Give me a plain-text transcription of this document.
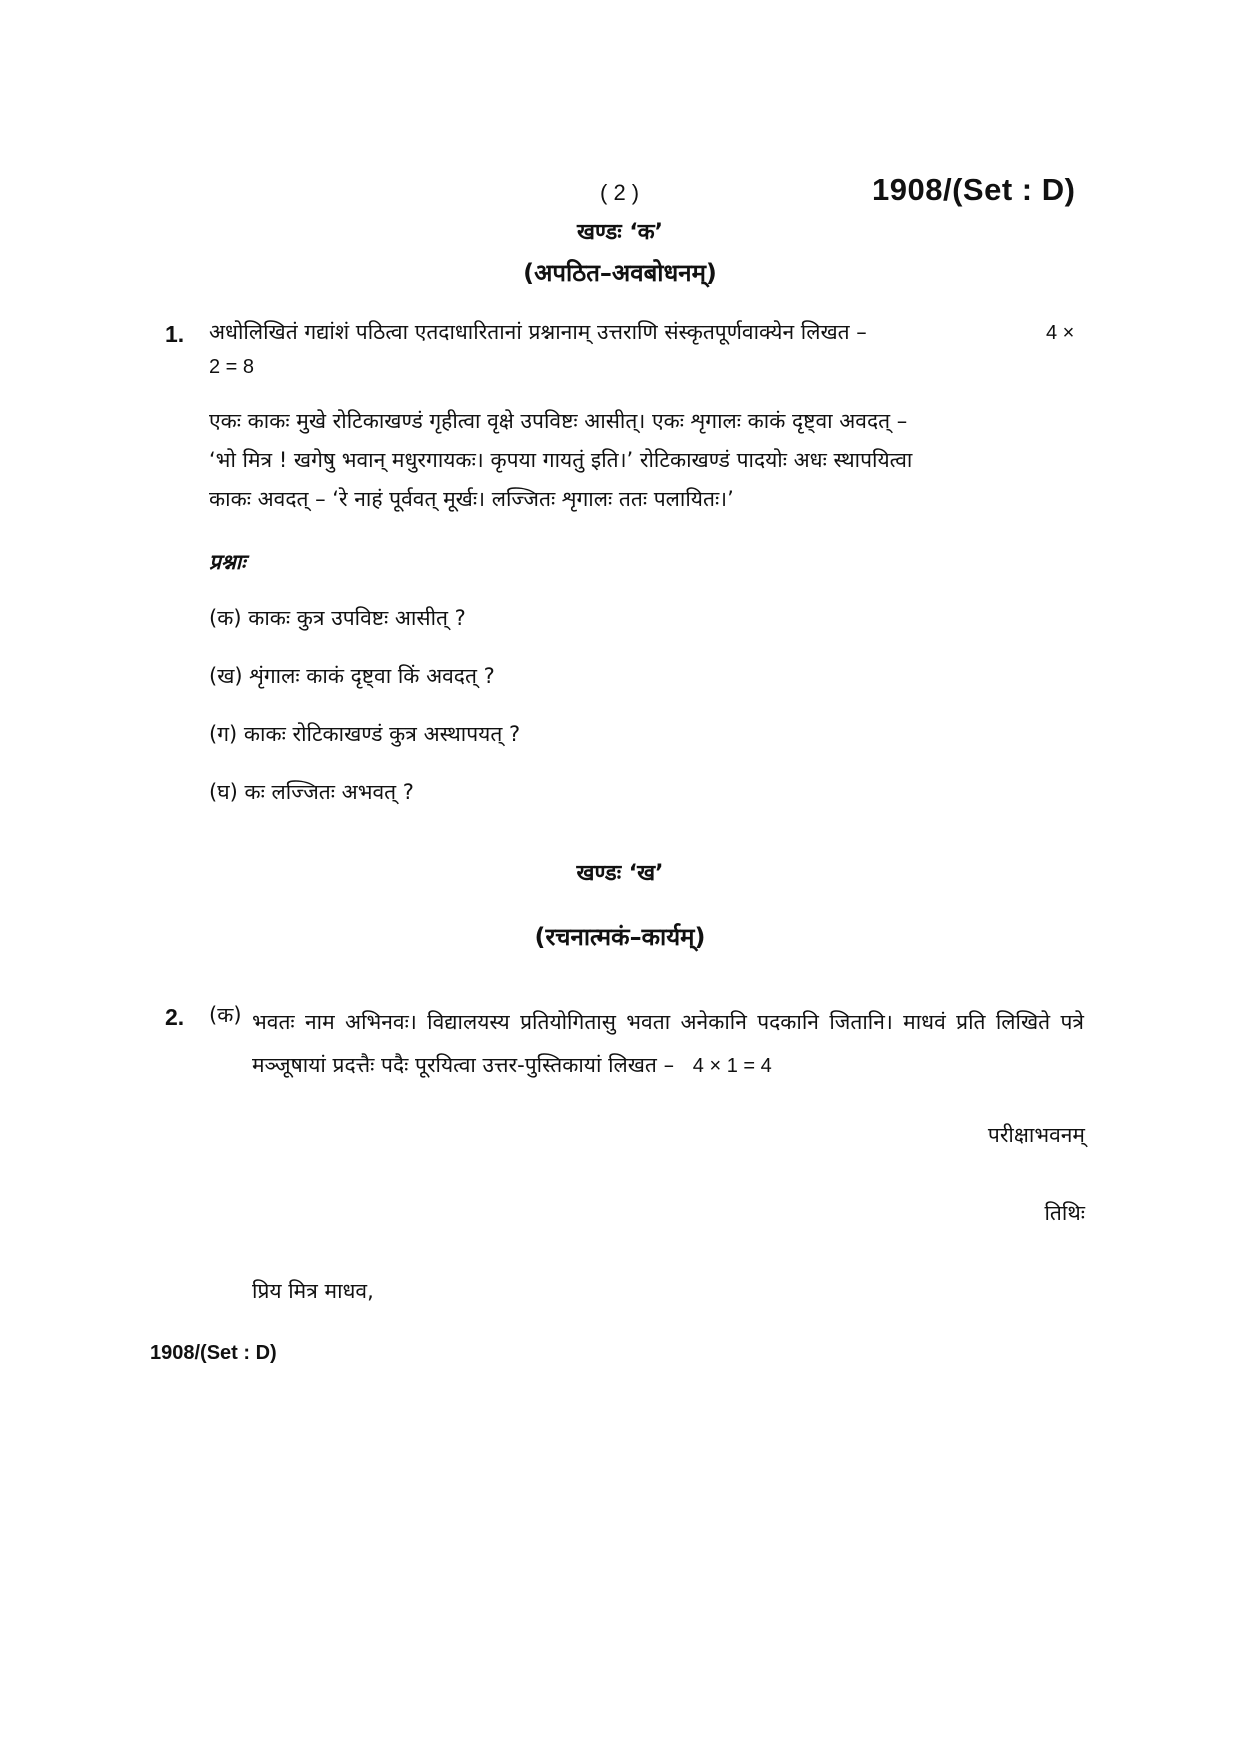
( 2 )	1908/(Set : D)
खण्डः ‘क’
(अपठित–अवबोधनम्)
1. अधोलिखितं गद्यांशं पठित्वा एतदाधारितानां प्रश्नानाम् उत्तराणि संस्कृतपूर्णवाक्येन लिखत –	4 ×
2 = 8

एकः काकः मुखे रोटिकाखण्डं गृहीत्वा वृक्षे उपविष्टः आसीत्। एकः शृगालः काकं दृष्ट्वा अवदत् –

‘भो मित्र ! खगेषु भवान् मधुरगायकः। कृपया गायतुं इति।’ रोटिकाखण्डं पादयोः अधः स्थापयित्वा

काकः अवदत् – ‘रे नाहं पूर्ववत् मूर्खः। लज्जितः शृगालः ततः पलायितः।’

प्रश्नाः
(क) काकः कुत्र उपविष्टः आसीत् ?
(ख) शृंगालः काकं दृष्ट्वा किं अवदत् ?
(ग) काकः रोटिकाखण्डं कुत्र अस्थापयत् ?
(घ) कः लज्जितः अभवत् ?
खण्डः ‘ख’
(रचनात्मकं–कार्यम्)
2. (क) भवतः नाम अभिनवः। विद्यालयस्य प्रतियोगितासु भवता अनेकानि पदकानि जितानि। माधवं प्रति लिखिते पत्रे मञ्जूषायां प्रदत्तैः पदैः पूरयित्वा उत्तर-पुस्तिकायां लिखत – 4 × 1 = 4
परीक्षाभवनम्
तिथिः
प्रिय मित्र माधव,
1908/(Set : D)
